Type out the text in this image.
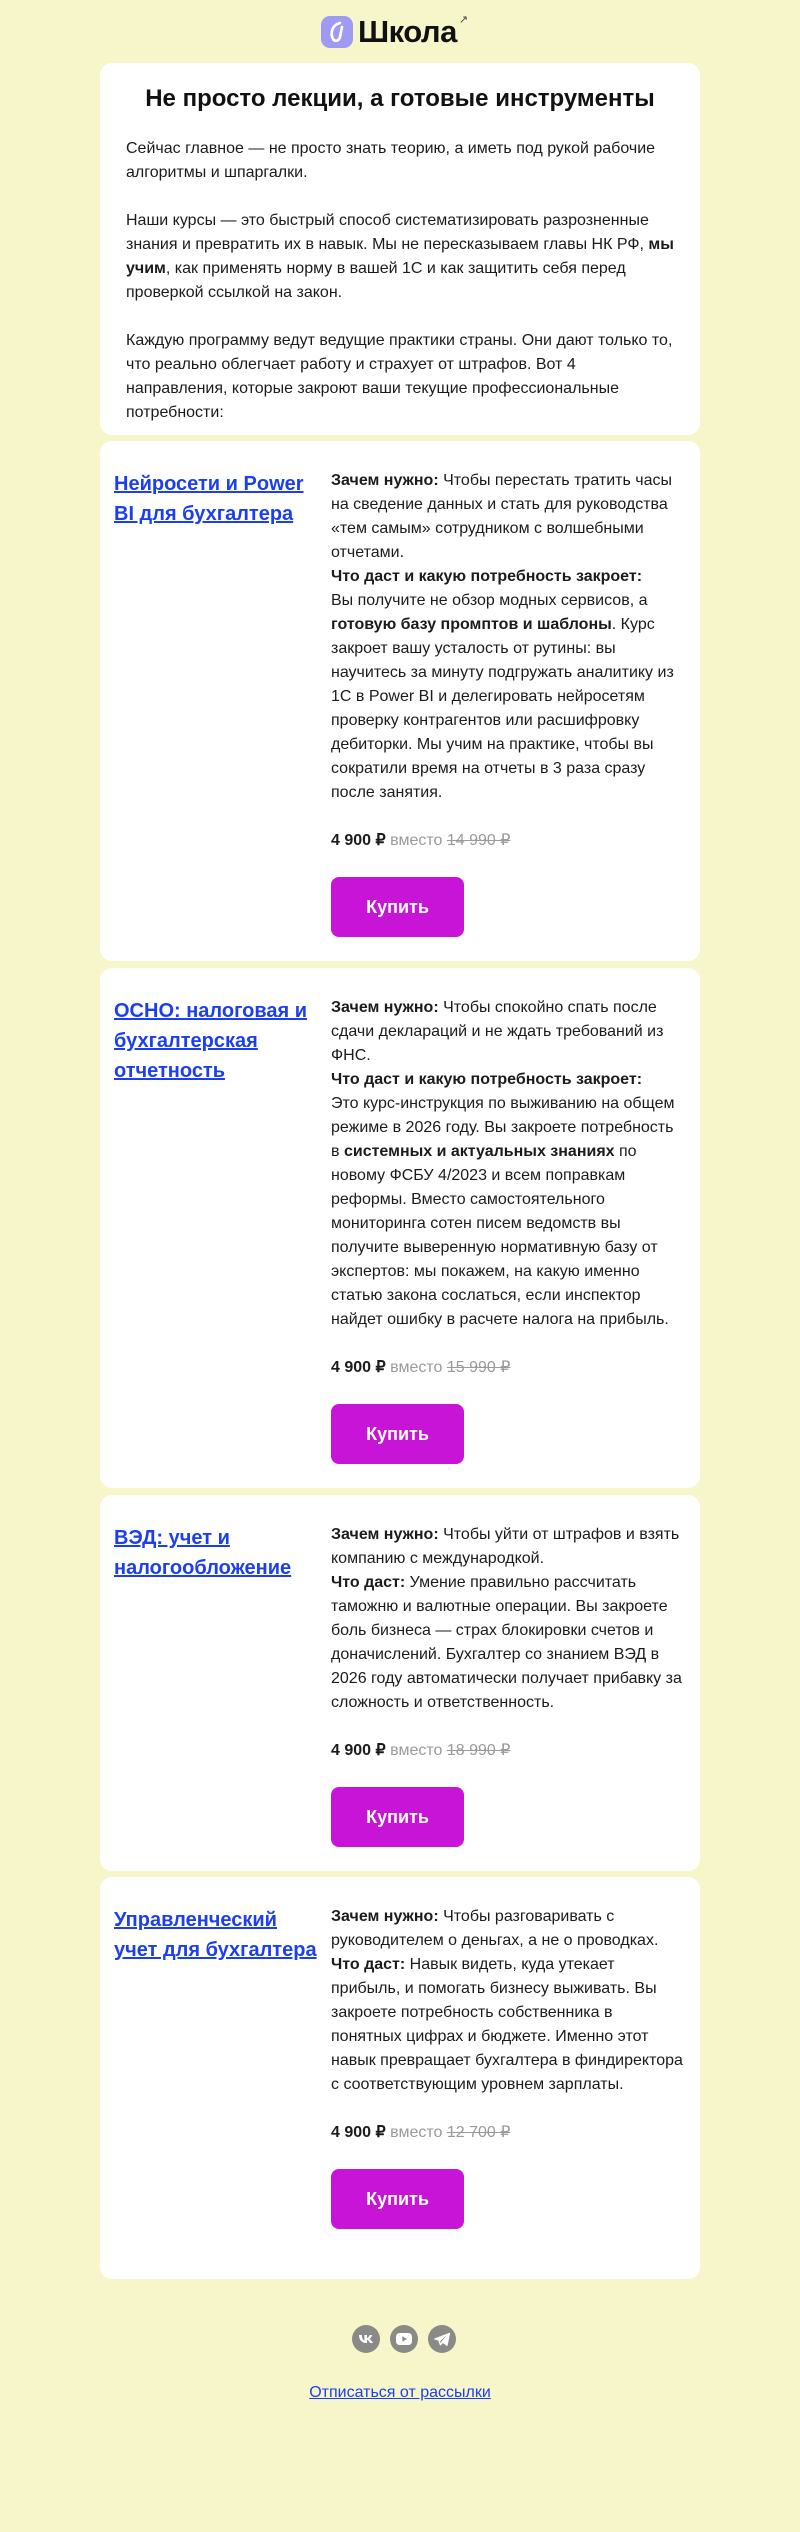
Школа ↗
Не просто лекции, а готовые инструменты

Сейчас главное — не просто знать теорию, а иметь под рукой рабочие алгоритмы и шпаргалки.

Наши курсы — это быстрый способ систематизировать разрозненные знания и превратить их в навык. Мы не пересказываем главы НК РФ, мы учим, как применять норму в вашей 1С и как защитить себя перед проверкой ссылкой на закон.

Каждую программу ведут ведущие практики страны. Они дают только то, что реально облегчает работу и страхует от штрафов. Вот 4 направления, которые закроют ваши текущие профессиональные потребности:

Нейросети и Power BI для бухгалтера

Зачем нужно: Чтобы перестать тратить часы на сведение данных и стать для руководства «тем самым» сотрудником с волшебными отчетами.

Что даст и какую потребность закроет:

Вы получите не обзор модных сервисов, а готовую базу промптов и шаблоны. Курс закроет вашу усталость от рутины: вы научитесь за минуту подгружать аналитику из 1С в Power BI и делегировать нейросетям проверку контрагентов или расшифровку дебиторки. Мы учим на практике, чтобы вы сократили время на отчеты в 3 раза сразу после занятия.

4 900 ₽ вместо 14 990 ₽
Купить
ОСНО: налоговая и бухгалтерская отчетность

Зачем нужно: Чтобы спокойно спать после сдачи деклараций и не ждать требований из ФНС.

Что даст и какую потребность закроет:

Это курс-инструкция по выживанию на общем режиме в 2026 году. Вы закроете потребность в системных и актуальных знаниях по новому ФСБУ 4/2023 и всем поправкам реформы. Вместо самостоятельного мониторинга сотен писем ведомств вы получите выверенную нормативную базу от экспертов: мы покажем, на какую именно статью закона сослаться, если инспектор найдет ошибку в расчете налога на прибыль.

4 900 ₽ вместо 15 990 ₽
Купить
ВЭД: учет и налогообложение

Зачем нужно: Чтобы уйти от штрафов и взять компанию с международкой.

Что даст: Умение правильно рассчитать таможню и валютные операции. Вы закроете боль бизнеса — страх блокировки счетов и доначислений. Бухгалтер со знанием ВЭД в 2026 году автоматически получает прибавку за сложность и ответственность.

4 900 ₽ вместо 18 990 ₽
Купить
Управленческий учет для бухгалтера

Зачем нужно: Чтобы разговаривать с руководителем о деньгах, а не о проводках.

Что даст: Навык видеть, куда утекает прибыль, и помогать бизнесу выживать. Вы закроете потребность собственника в понятных цифрах и бюджете. Именно этот навык превращает бухгалтера в финдиректора с соответствующим уровнем зарплаты.

4 900 ₽ вместо 12 700 ₽
Купить
Отписаться от рассылки
